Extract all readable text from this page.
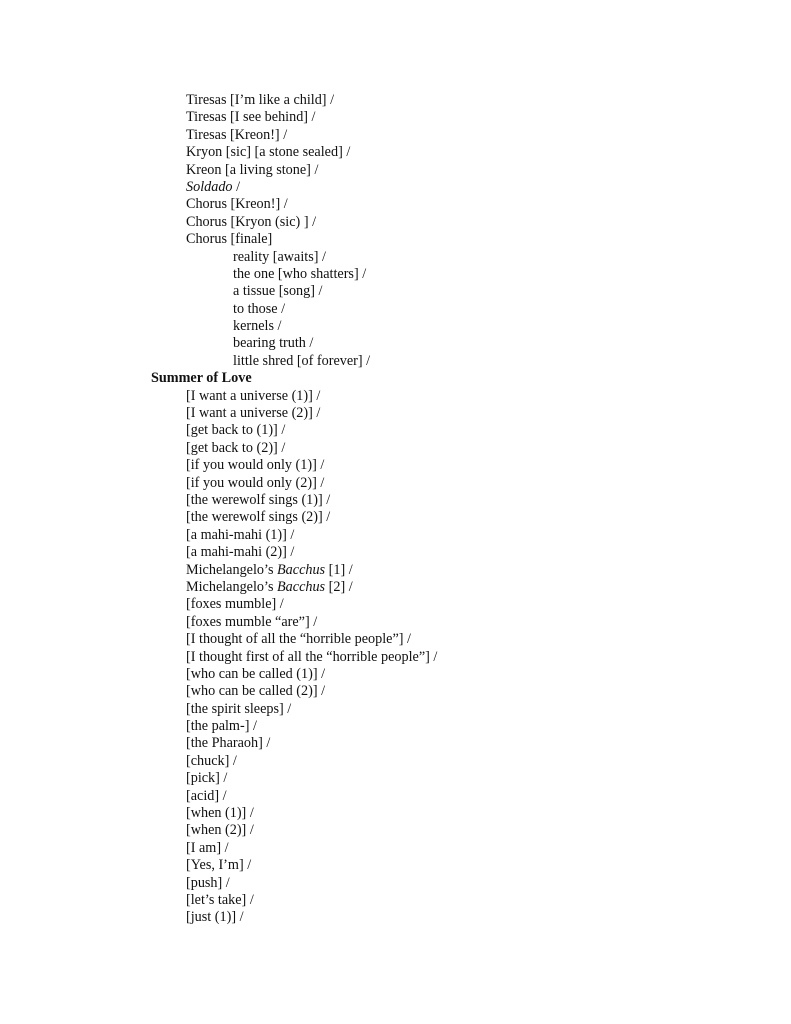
Tiresas [I’m like a child] /
Tiresas [I see behind] /
Tiresas [Kreon!] /
Kryon [sic] [a stone sealed] /
Kreon [a living stone] /
Soldado /
Chorus [Kreon!] /
Chorus [Kryon (sic) ] /
Chorus [finale]
reality [awaits] /
the one [who shatters] /
a tissue [song] /
to those /
kernels /
bearing truth /
little shred [of forever] /
Summer of Love
[I want a universe (1)] /
[I want a universe (2)] /
[get back to (1)] /
[get back to (2)] /
[if you would only (1)] /
[if you would only (2)] /
[the werewolf sings (1)] /
[the werewolf sings (2)] /
[a mahi-mahi (1)] /
[a mahi-mahi (2)] /
Michelangelo’s Bacchus [1] /
Michelangelo’s Bacchus [2] /
[foxes mumble] /
[foxes mumble “are”] /
[I thought of all the “horrible people”] /
[I thought first of all the “horrible people”] /
[who can be called (1)] /
[who can be called (2)] /
[the spirit sleeps] /
[the palm-] /
[the Pharaoh] /
[chuck] /
[pick] /
[acid] /
[when (1)] /
[when (2)] /
[I am] /
[Yes, I’m] /
[push] /
[let’s take] /
[just (1)] /
